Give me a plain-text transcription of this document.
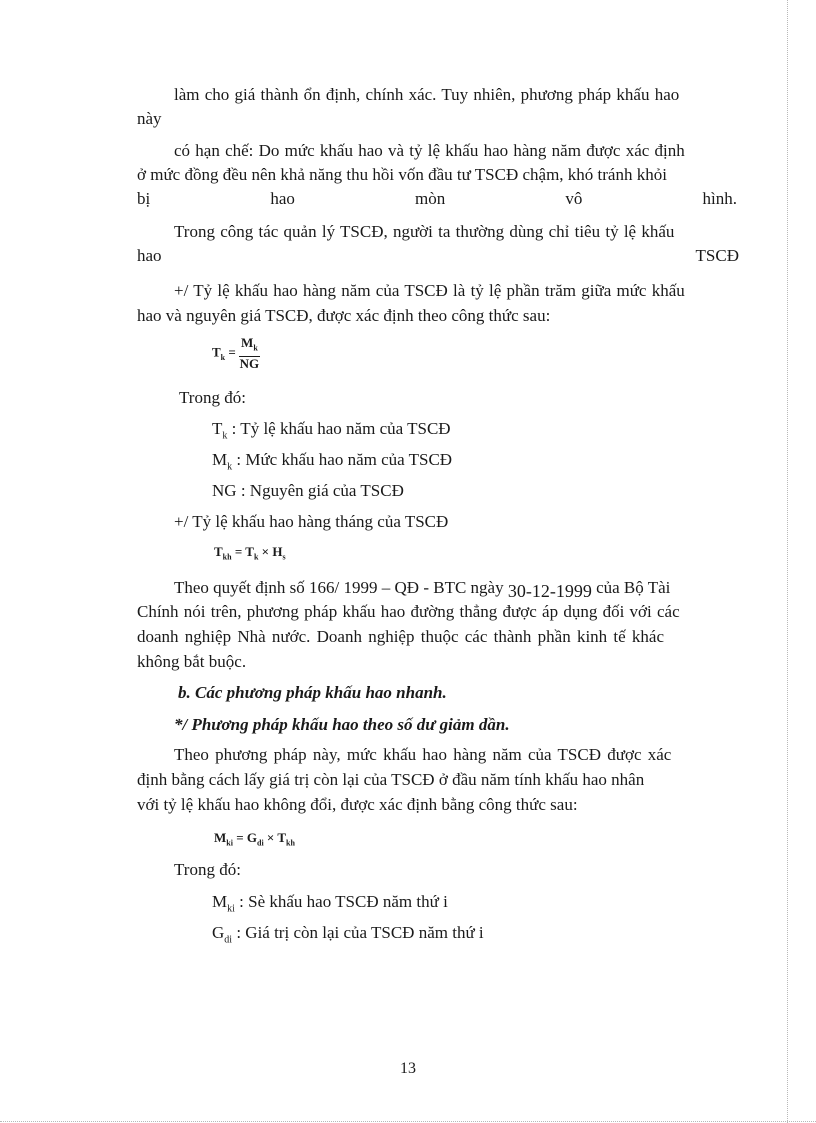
làm cho giá thành ổn định, chính xác. Tuy nhiên, phương pháp khấu hao
này
có hạn chế: Do mức khấu hao và tỷ lệ khấu hao hàng năm được xác định
ở mức đồng đều nên khả năng thu hồi vốn đầu tư TSCĐ chậm, khó tránh khỏi
bị	hao	mòn	vô	hình.
Trong công tác quản lý TSCĐ, người ta thường dùng chỉ tiêu tỷ lệ khấu
hao	TSCĐ
+/ Tỷ lệ khấu hao hàng năm của TSCĐ là tỷ lệ phần trăm giữa mức khấu
hao và nguyên giá TSCĐ, được xác định theo công thức sau:
$T_k = \frac{M_k}{NG}$
Trong đó:
$T_k$ : Tỷ lệ khấu hao năm của TSCĐ
$M_k$ : Mức khấu hao năm của TSCĐ
NG : Nguyên giá của TSCĐ
+/ Tỷ lệ khấu hao hàng tháng của TSCĐ
$T_{kh} = T_k \times H_s$
Theo quyết định số 166/ 1999 – QĐ - BTC ngày 30-12-1999 của Bộ Tài
Chính nói trên, phương pháp khấu hao đường thẳng được áp dụng đối với các
doanh nghiệp Nhà nước. Doanh nghiệp thuộc các thành phần kinh tế khác
không bắt buộc.
b. Các phương pháp khấu hao nhanh.
*/ Phương pháp khấu hao theo số dư giảm dần.
Theo phương pháp này, mức khấu hao hàng năm của TSCĐ được xác
định bằng cách lấy giá trị còn lại của TSCĐ ở đầu năm tính khấu hao nhân
với tỷ lệ khấu hao không đổi, được xác định bằng công thức sau:
$M_{ki} = G_{di} \times T_{kh}$
Trong đó:
$M_{ki}$ : Sè khấu hao TSCĐ năm thứ i
$G_{di}$ : Giá trị còn lại của TSCĐ năm thứ i
13
